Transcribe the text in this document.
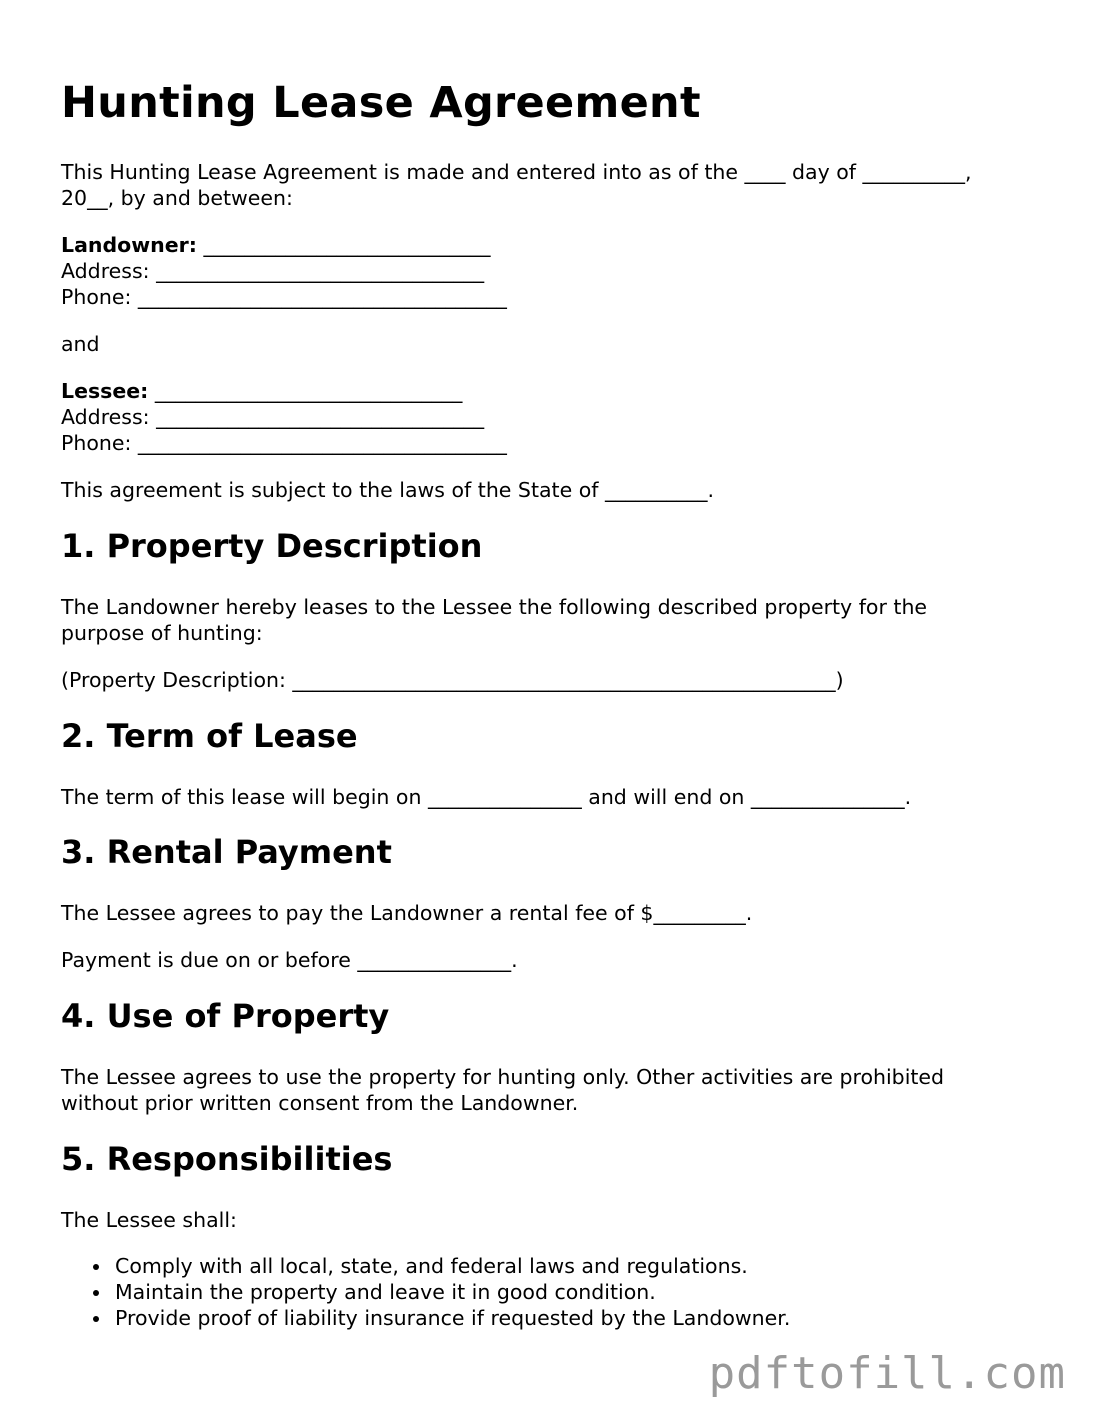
Hunting Lease Agreement

This Hunting Lease Agreement is made and entered into as of the ____ day of __________,

20__, by and between:

Landowner: ____________________________

Address: ________________________________

Phone: ____________________________________

and

Lessee: ______________________________

Address: ________________________________

Phone: ____________________________________

This agreement is subject to the laws of the State of __________.

1. Property Description

The Landowner hereby leases to the Lessee the following described property for the

purpose of hunting:

(Property Description: _____________________________________________________)

2. Term of Lease

The term of this lease will begin on _______________ and will end on _______________.

3. Rental Payment

The Lessee agrees to pay the Landowner a rental fee of $_________.

Payment is due on or before _______________.

4. Use of Property

The Lessee agrees to use the property for hunting only. Other activities are prohibited

without prior written consent from the Landowner.

5. Responsibilities

The Lessee shall:

Comply with all local, state, and federal laws and regulations.
Maintain the property and leave it in good condition.
Provide proof of liability insurance if requested by the Landowner.
pdftofill.com
